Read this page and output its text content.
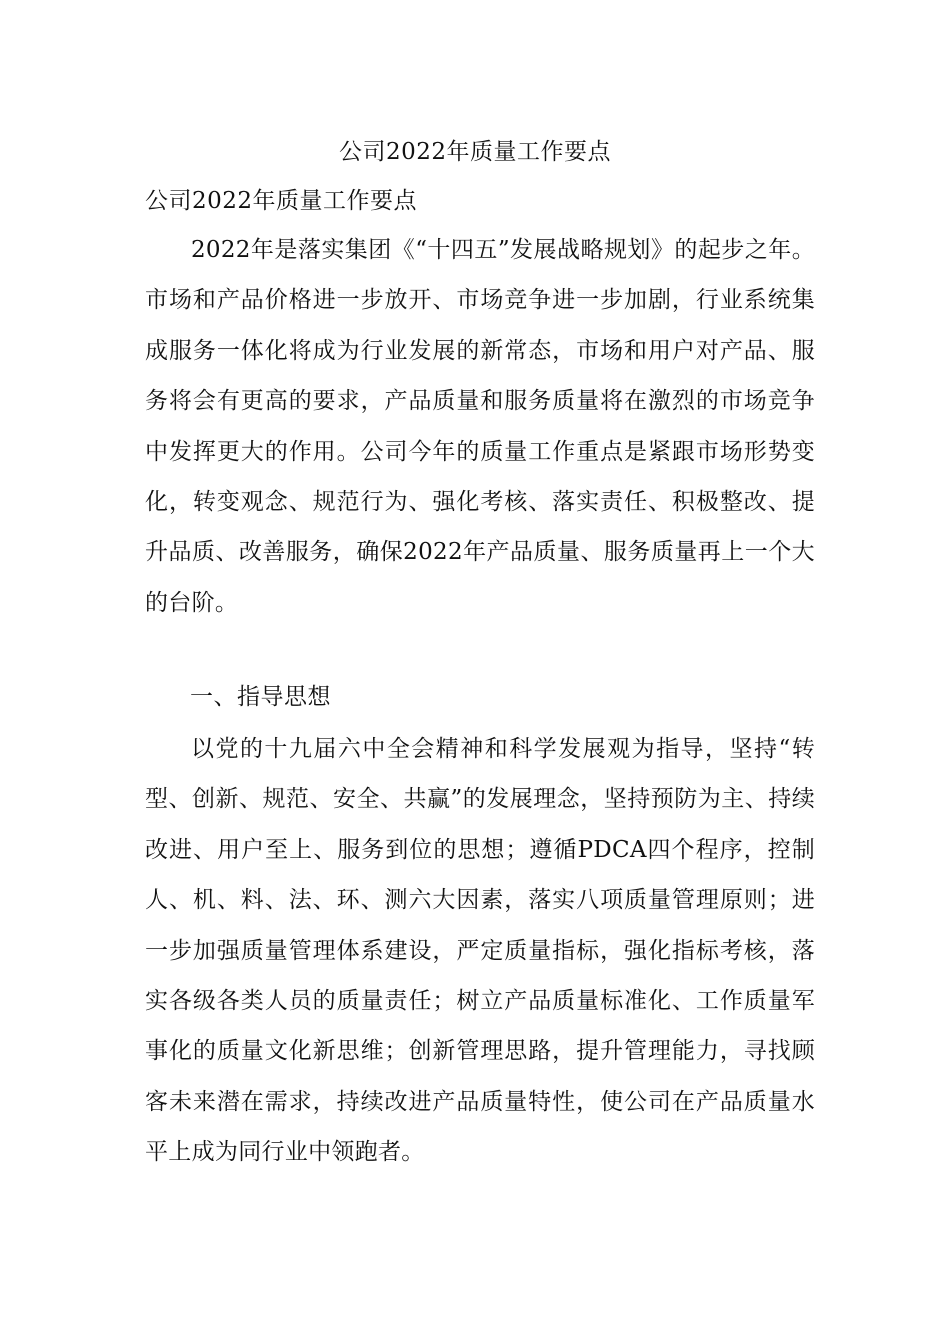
公司2022年质量工作要点
公司2022年质量工作要点

2022年是落实集团《“十四五”发展战略规划》的起步之年。市场和产品价格进一步放开、市场竞争进一步加剧，行业系统集成服务一体化将成为行业发展的新常态，市场和用户对产品、服务将会有更高的要求，产品质量和服务质量将在激烈的市场竞争中发挥更大的作用。公司今年的质量工作重点是紧跟市场形势变化，转变观念、规范行为、强化考核、落实责任、积极整改、提升品质、改善服务，确保2022年产品质量、服务质量再上一个大的台阶。

一、指导思想

以党的十九届六中全会精神和科学发展观为指导，坚持“转型、创新、规范、安全、共赢”的发展理念，坚持预防为主、持续改进、用户至上、服务到位的思想；遵循PDCA四个程序，控制人、机、料、法、环、测六大因素，落实八项质量管理原则；进一步加强质量管理体系建设，严定质量指标，强化指标考核，落实各级各类人员的质量责任；树立产品质量标准化、工作质量军事化的质量文化新思维；创新管理思路，提升管理能力，寻找顾客未来潜在需求，持续改进产品质量特性，使公司在产品质量水平上成为同行业中领跑者。
